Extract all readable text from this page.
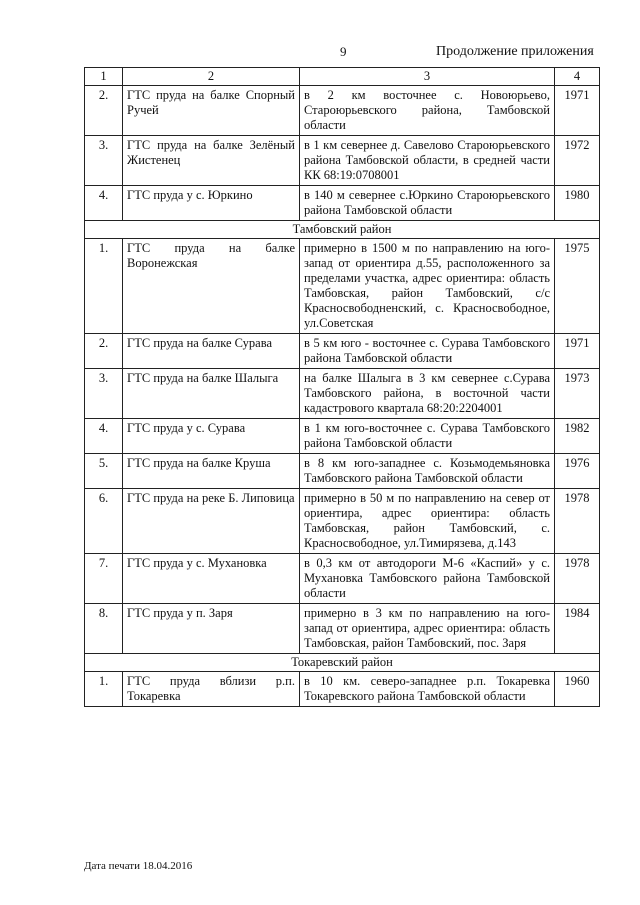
9	Продолжение приложения
1	2	3	4
2.	ГТС пруда на балке Спорный Ручей	в 2 км восточнее с. Новоюрьево, Староюрьевского района, Тамбовской области	1971
3.	ГТС пруда на балке Зелёный Жистенец	в 1 км севернее д. Савелово Староюрьевского района Тамбовской области, в средней части КК 68:19:0708001	1972
4.	ГТС пруда у с. Юркино	в 140 м севернее с.Юркино Староюрьевского района Тамбовской области	1980
Тамбовский район			
1.	ГТС пруда на балке Воронежская	примерно в 1500 м по направлению на юго-запад от ориентира д.55, расположенного за пределами участка, адрес ориентира: область Тамбовская, район Тамбовский, с/с Красносвободненский, с. Красносвободное, ул.Советская	1975
2.	ГТС пруда на балке Сурава	в 5 км юго - восточнее с. Сурава Тамбовского района Тамбовской области	1971
3.	ГТС пруда на балке Шалыга	на балке Шалыга в 3 км севернее с.Сурава Тамбовского района, в восточной части кадастрового квартала 68:20:2204001	1973
4.	ГТС пруда у с. Сурава	в 1 км юго-восточнее с. Сурава Тамбовского района Тамбовской области	1982
5.	ГТС пруда на балке Круша	в 8 км юго-западнее с. Козьмодемьяновка Тамбовского района Тамбовской области	1976
6.	ГТС пруда на реке Б. Липовица	примерно в 50 м по направлению на север от ориентира, адрес ориентира: область Тамбовская, район Тамбовский, с. Красносвободное, ул.Тимирязева, д.143	1978
7.	ГТС пруда у с. Мухановка	в 0,3 км от автодороги М-6 «Каспий» у с. Мухановка Тамбовского района Тамбовской области	1978
8.	ГТС пруда у п. Заря	примерно в 3 км по направлению на юго-запад от ориентира, адрес ориентира: область Тамбовская, район Тамбовский, пос. Заря	1984
Токаревский район			
1.	ГТС пруда вблизи р.п. Токаревка	в 10 км. северо-западнее р.п. Токаревка Токаревского района Тамбовской области	1960
Дата печати 18.04.2016
